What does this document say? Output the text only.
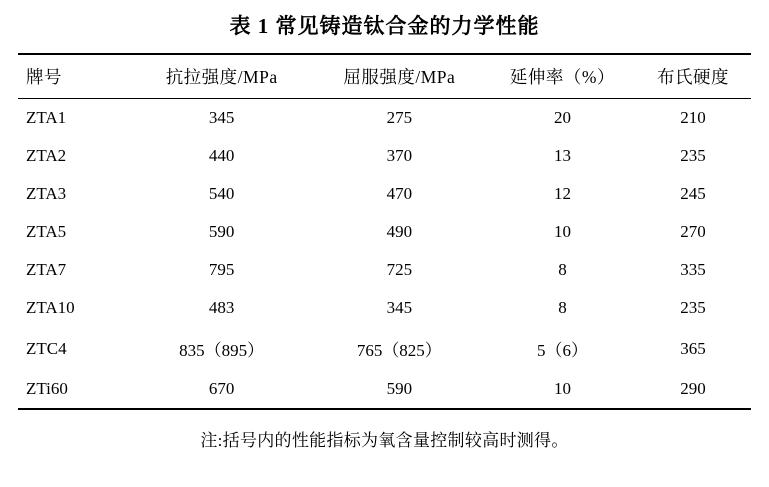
表 1 常见铸造钛合金的力学性能
牌号	抗拉强度/MPa	屈服强度/MPa	延伸率（%）	布氏硬度
ZTA1	345	275	20	210
ZTA2	440	370	13	235
ZTA3	540	470	12	245
ZTA5	590	490	10	270
ZTA7	795	725	8	335
ZTA10	483	345	8	235
ZTC4	835（895）	765（825）	5（6）	365
ZTi60	670	590	10	290
注:括号内的性能指标为氧含量控制较高时测得。
